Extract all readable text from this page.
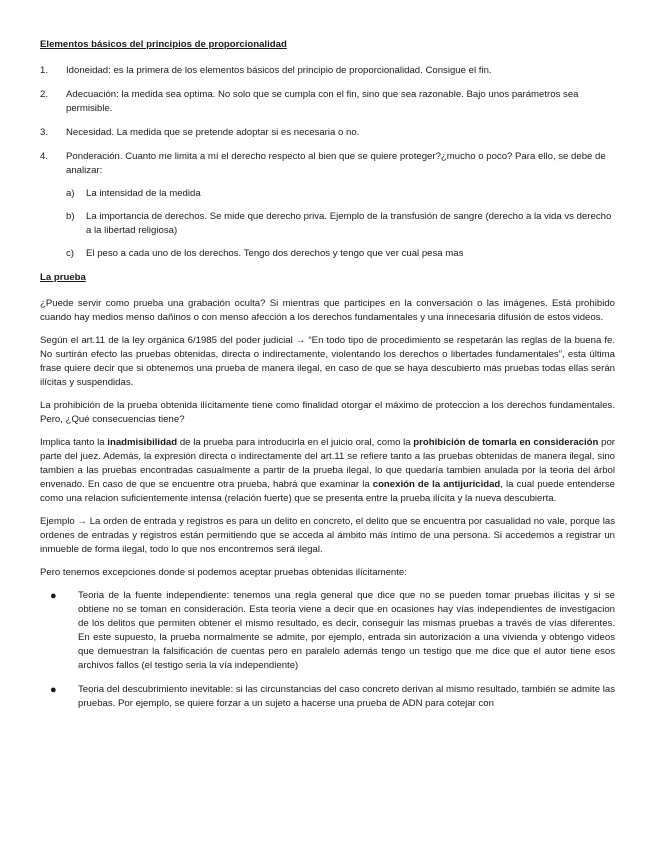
Elementos básicos del principios de proporcionalidad
1. Idoneidad: es la primera de los elementos básicos del principio de proporcionalidad. Consigue el fin.
2. Adecuación: la medida sea optima. No solo que se cumpla con el fin, sino que sea razonable. Bajo unos parámetros sea permisible.
3. Necesidad. La medida que se pretende adoptar si es necesaria o no.
4. Ponderación. Cuanto me limita a mí el derecho respecto al bien que se quiere proteger?¿mucho o poco? Para ello, se debe de analizar:
a) La intensidad de la medida
b) La importancia de derechos. Se mide que derecho priva. Ejemplo de la transfusión de sangre (derecho a la vida vs derecho a la libertad religiosa)
c) El peso a cada uno de los derechos. Tengo dos derechos y tengo que ver cual pesa mas
La prueba

¿Puede servir como prueba una grabación oculta? Si mientras que participes en la conversación o las imágenes. Está prohibido cuando hay medios menso dañinos o con menso afección a los derechos fundamentales y una innecesaria difusión de estos videos.

Según el art.11 de la ley orgánica 6/1985 del poder judicial → “En todo tipo de procedimiento se respetarán las reglas de la buena fe. No surtirán efecto las pruebas obtenidas, directa o indirectamente, violentando los derechos o libertades fundamentales”, esta última frase quiere decir que si obtenemos una prueba de manera ilegal, en caso de que se haya descubierto más pruebas todas ellas serán ilícitas y suspendidas.

La prohibición de la prueba obtenida ilícitamente tiene como finalidad otorgar el máximo de proteccion a los derechos fundamentales. Pero, ¿Qué consecuencias tiene?

Implica tanto la inadmisibilidad de la prueba para introducirla en el juicio oral, como la prohibición de tomarla en consideración por parte del juez. Además, la expresión directa o indirectamente del art.11 se refiere tanto a las pruebas obtenidas de manera ilegal, sino tambien a las pruebas encontradas casualmente a partir de la prueba ilegal, lo que quedaría tambien anulada por la teoria del árbol envenado. En caso de que se encuentre otra prueba, habrá que examinar la conexión de la antijuricidad, la cual puede entenderse como una relacion suficientemente intensa (relación fuerte) que se presenta entre la prueba ilícita y la nueva descubierta.

Ejemplo → La orden de entrada y registros es para un delito en concreto, el delito que se encuentra por casualidad no vale, porque las ordenes de entradas y registros están permitiendo que se acceda al ámbito más íntimo de una persona. Si accedemos a registrar un inmueble de forma ilegal, todo lo que nos encontremos será ilegal.

Pero tenemos excepciones donde si podemos aceptar pruebas obtenidas ilícitamente:

● Teoria de la fuente independiente: tenemos una regla general que dice que no se pueden tomar pruebas ilícitas y si se obtiene no se toman en consideración. Esta teoria viene a decir que en ocasiones hay vías independientes de investigacion de los delitos que permiten obtener el mismo resultado, es decir, conseguir las mismas pruebas a través de vías diferentes. En este supuesto, la prueba normalmente se admite, por ejemplo, entrada sin autorización a una vivienda y obtengo videos que demuestran la falsificación de cuentas pero en paralelo además tengo un testigo que me dice que el autor tiene esos archivos fallos (el testigo seria la vía independiente)
● Teoria del descubrimiento inevitable: si las circunstancias del caso concreto derivan al mismo resultado, también se admite las pruebas. Por ejemplo, se quiere forzar a un sujeto a hacerse una prueba de ADN para cotejar con
